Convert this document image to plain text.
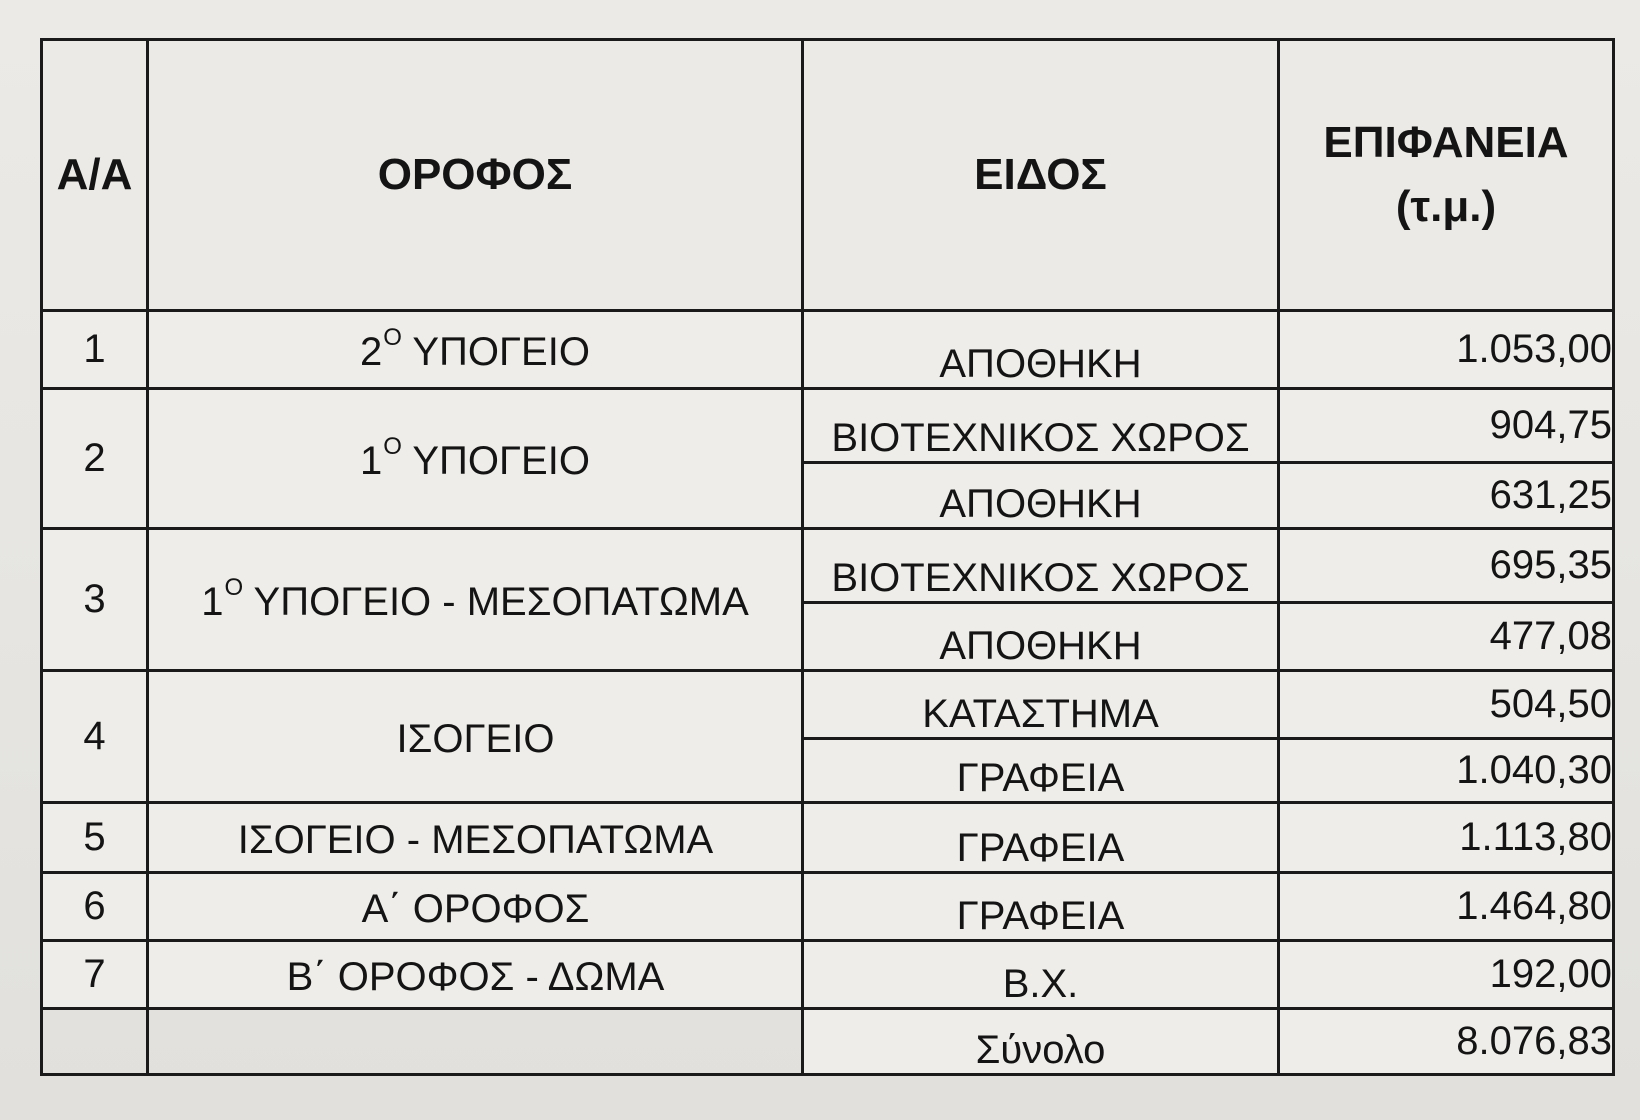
Α/Α	ΟΡΟΦΟΣ	ΕΙΔΟΣ	ΕΠΙΦΑΝΕΙΑ
(τ.μ.)

1	$2^O$ ΥΠΟΓΕΙΟ	ΑΠΟΘΗΚΗ	1.053,00
2	$1^O$ ΥΠΟΓΕΙΟ	ΒΙΟΤΕΧΝΙΚΟΣ ΧΩΡΟΣ	904,75
		ΑΠΟΘΗΚΗ	631,25
3	$1^O$ ΥΠΟΓΕΙΟ - ΜΕΣΟΠΑΤΩΜΑ	ΒΙΟΤΕΧΝΙΚΟΣ ΧΩΡΟΣ	695,35
		ΑΠΟΘΗΚΗ	477,08
4	ΙΣΟΓΕΙΟ	ΚΑΤΑΣΤΗΜΑ	504,50
		ΓΡΑΦΕΙΑ	1.040,30
5	ΙΣΟΓΕΙΟ - ΜΕΣΟΠΑΤΩΜΑ	ΓΡΑΦΕΙΑ	1.113,80
6	Α΄ ΟΡΟΦΟΣ	ΓΡΑΦΕΙΑ	1.464,80
7	Β΄ ΟΡΟΦΟΣ - ΔΩΜΑ	Β.Χ.	192,00
		Σύνολο	8.076,83
